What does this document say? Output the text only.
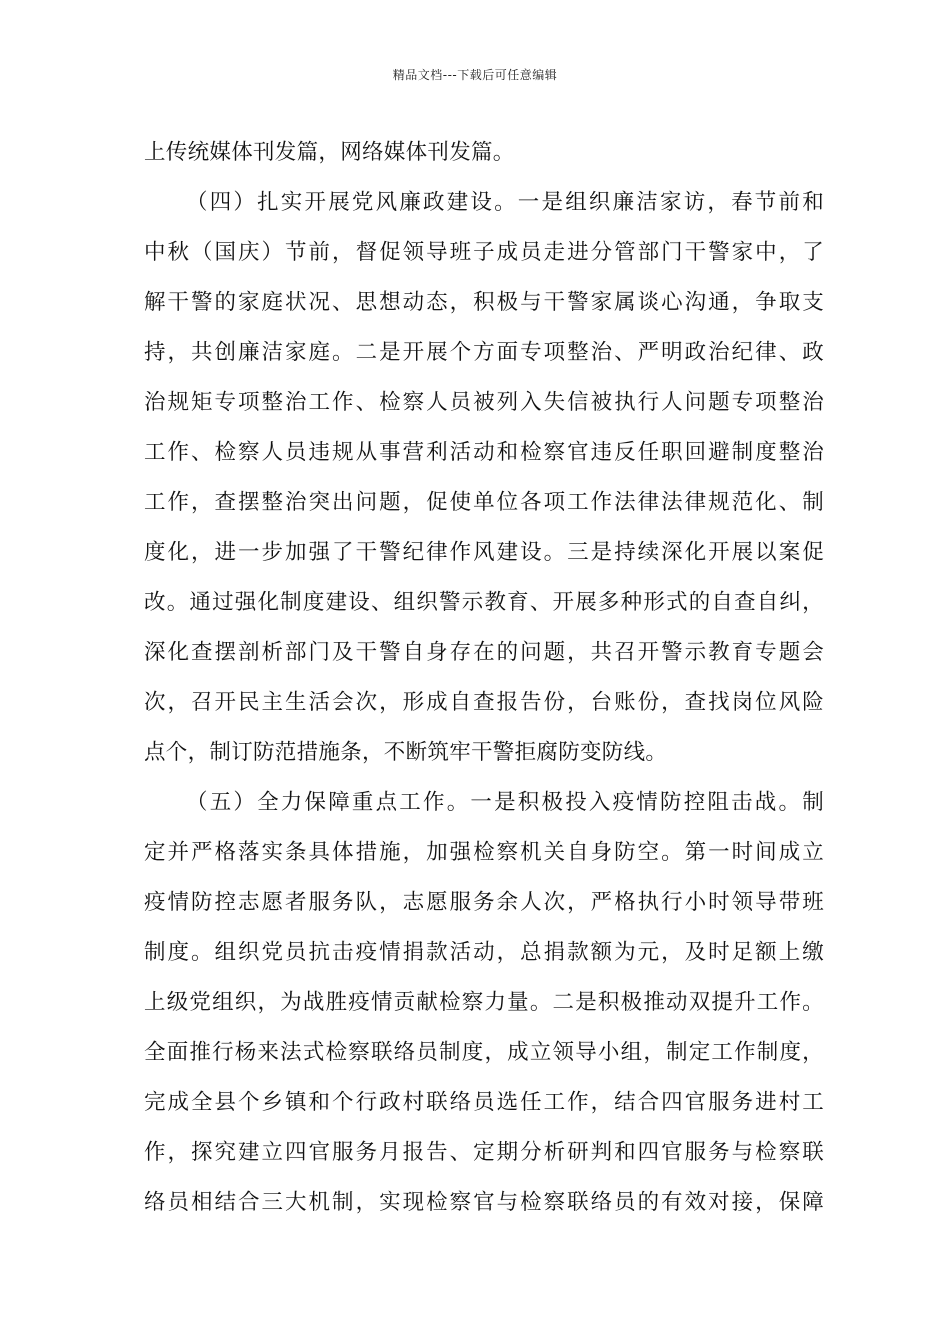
精品文档---下载后可任意编辑
上传统媒体刊发篇，网络媒体刊发篇。
（四）扎实开展党风廉政建设。一是组织廉洁家访，春节前和
中秋（国庆）节前，督促领导班子成员走进分管部门干警家中，了
解干警的家庭状况、思想动态，积极与干警家属谈心沟通，争取支
持，共创廉洁家庭。二是开展个方面专项整治、严明政治纪律、政
治规矩专项整治工作、检察人员被列入失信被执行人问题专项整治
工作、检察人员违规从事营利活动和检察官违反任职回避制度整治
工作，查摆整治突出问题，促使单位各项工作法律法律规范化、制
度化，进一步加强了干警纪律作风建设。三是持续深化开展以案促
改。通过强化制度建设、组织警示教育、开展多种形式的自查自纠，
深化查摆剖析部门及干警自身存在的问题，共召开警示教育专题会
次，召开民主生活会次，形成自查报告份，台账份，查找岗位风险
点个，制订防范措施条，不断筑牢干警拒腐防变防线。
（五）全力保障重点工作。一是积极投入疫情防控阻击战。制
定并严格落实条具体措施，加强检察机关自身防空。第一时间成立
疫情防控志愿者服务队，志愿服务余人次，严格执行小时领导带班
制度。组织党员抗击疫情捐款活动，总捐款额为元，及时足额上缴
上级党组织，为战胜疫情贡献检察力量。二是积极推动双提升工作。
全面推行杨来法式检察联络员制度，成立领导小组，制定工作制度，
完成全县个乡镇和个行政村联络员选任工作，结合四官服务进村工
作，探究建立四官服务月报告、定期分析研判和四官服务与检察联
络员相结合三大机制，实现检察官与检察联络员的有效对接，保障
